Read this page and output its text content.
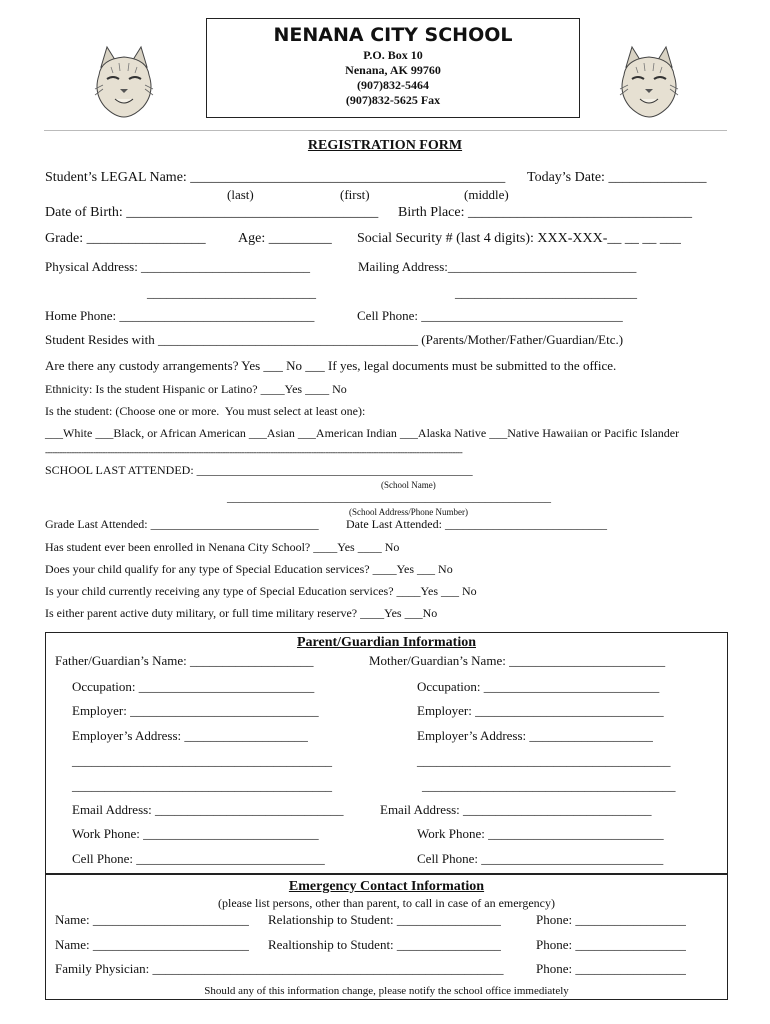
NENANA CITY SCHOOL
P.O. Box 10
Nenana, AK 99760
(907)832-5464
(907)832-5625 Fax
REGISTRATION FORM
Student’s LEGAL Name: _____________________________________________ Today’s Date: ______________
(last)	(first)	(middle)
Date of Birth: ____________________________________ Birth Place: ________________________________
Grade: _________________ Age: _________ Social Security # (last 4 digits): XXX-XXX-__ __ __ ___
Physical Address: __________________________	Mailing Address:_____________________________
__________________________	____________________________
Home Phone: ______________________________	Cell Phone: _______________________________
Student Resides with ________________________________________ (Parents/Mother/Father/Guardian/Etc.)
Are there any custody arrangements? Yes ___ No ___ If yes, legal documents must be submitted to the office.
Ethnicity: Is the student Hispanic or Latino? ____Yes ____ No
Is the student: (Choose one or more.  You must select at least one):
___White ___Black, or African American ___Asian ___American Indian ___Alaska Native ___Native Hawaiian or Pacific Islander
------------------------------------------------------------------------------------------------------------------------------------------------------------------------------
SCHOOL LAST ATTENDED: ______________________________________________
(School Name)
______________________________________________________
(School Address/Phone Number)
Grade Last Attended: ____________________________ Date Last Attended: ___________________________
Has student ever been enrolled in Nenana City School? ____Yes ____ No
Does your child qualify for any type of Special Education services? ____Yes ___ No
Is your child currently receiving any type of Special Education services? ____Yes ___ No
Is either parent active duty military, or full time military reserve? ____Yes ___No
Parent/Guardian Information
Father/Guardian’s Name: ___________________	Mother/Guardian’s Name: ________________________
Occupation: ___________________________	Occupation: ___________________________
Employer: _____________________________	Employer: _____________________________
Employer’s Address: ___________________	Employer’s Address: ___________________
________________________________________	_______________________________________
________________________________________	_______________________________________
Email Address: _____________________________	Email Address: _____________________________
Work Phone: ___________________________	Work Phone: ___________________________
Cell Phone: _____________________________	Cell Phone: ____________________________
Emergency Contact Information
(please list persons, other than parent, to call in case of an emergency)
Name: ________________________ Relationship to Student: ________________	Phone: _________________
Name: ________________________ Realtionship to Student: ________________	Phone: _________________
Family Physician: ______________________________________________________	Phone: _________________
Should any of this information change, please notify the school office immediately
